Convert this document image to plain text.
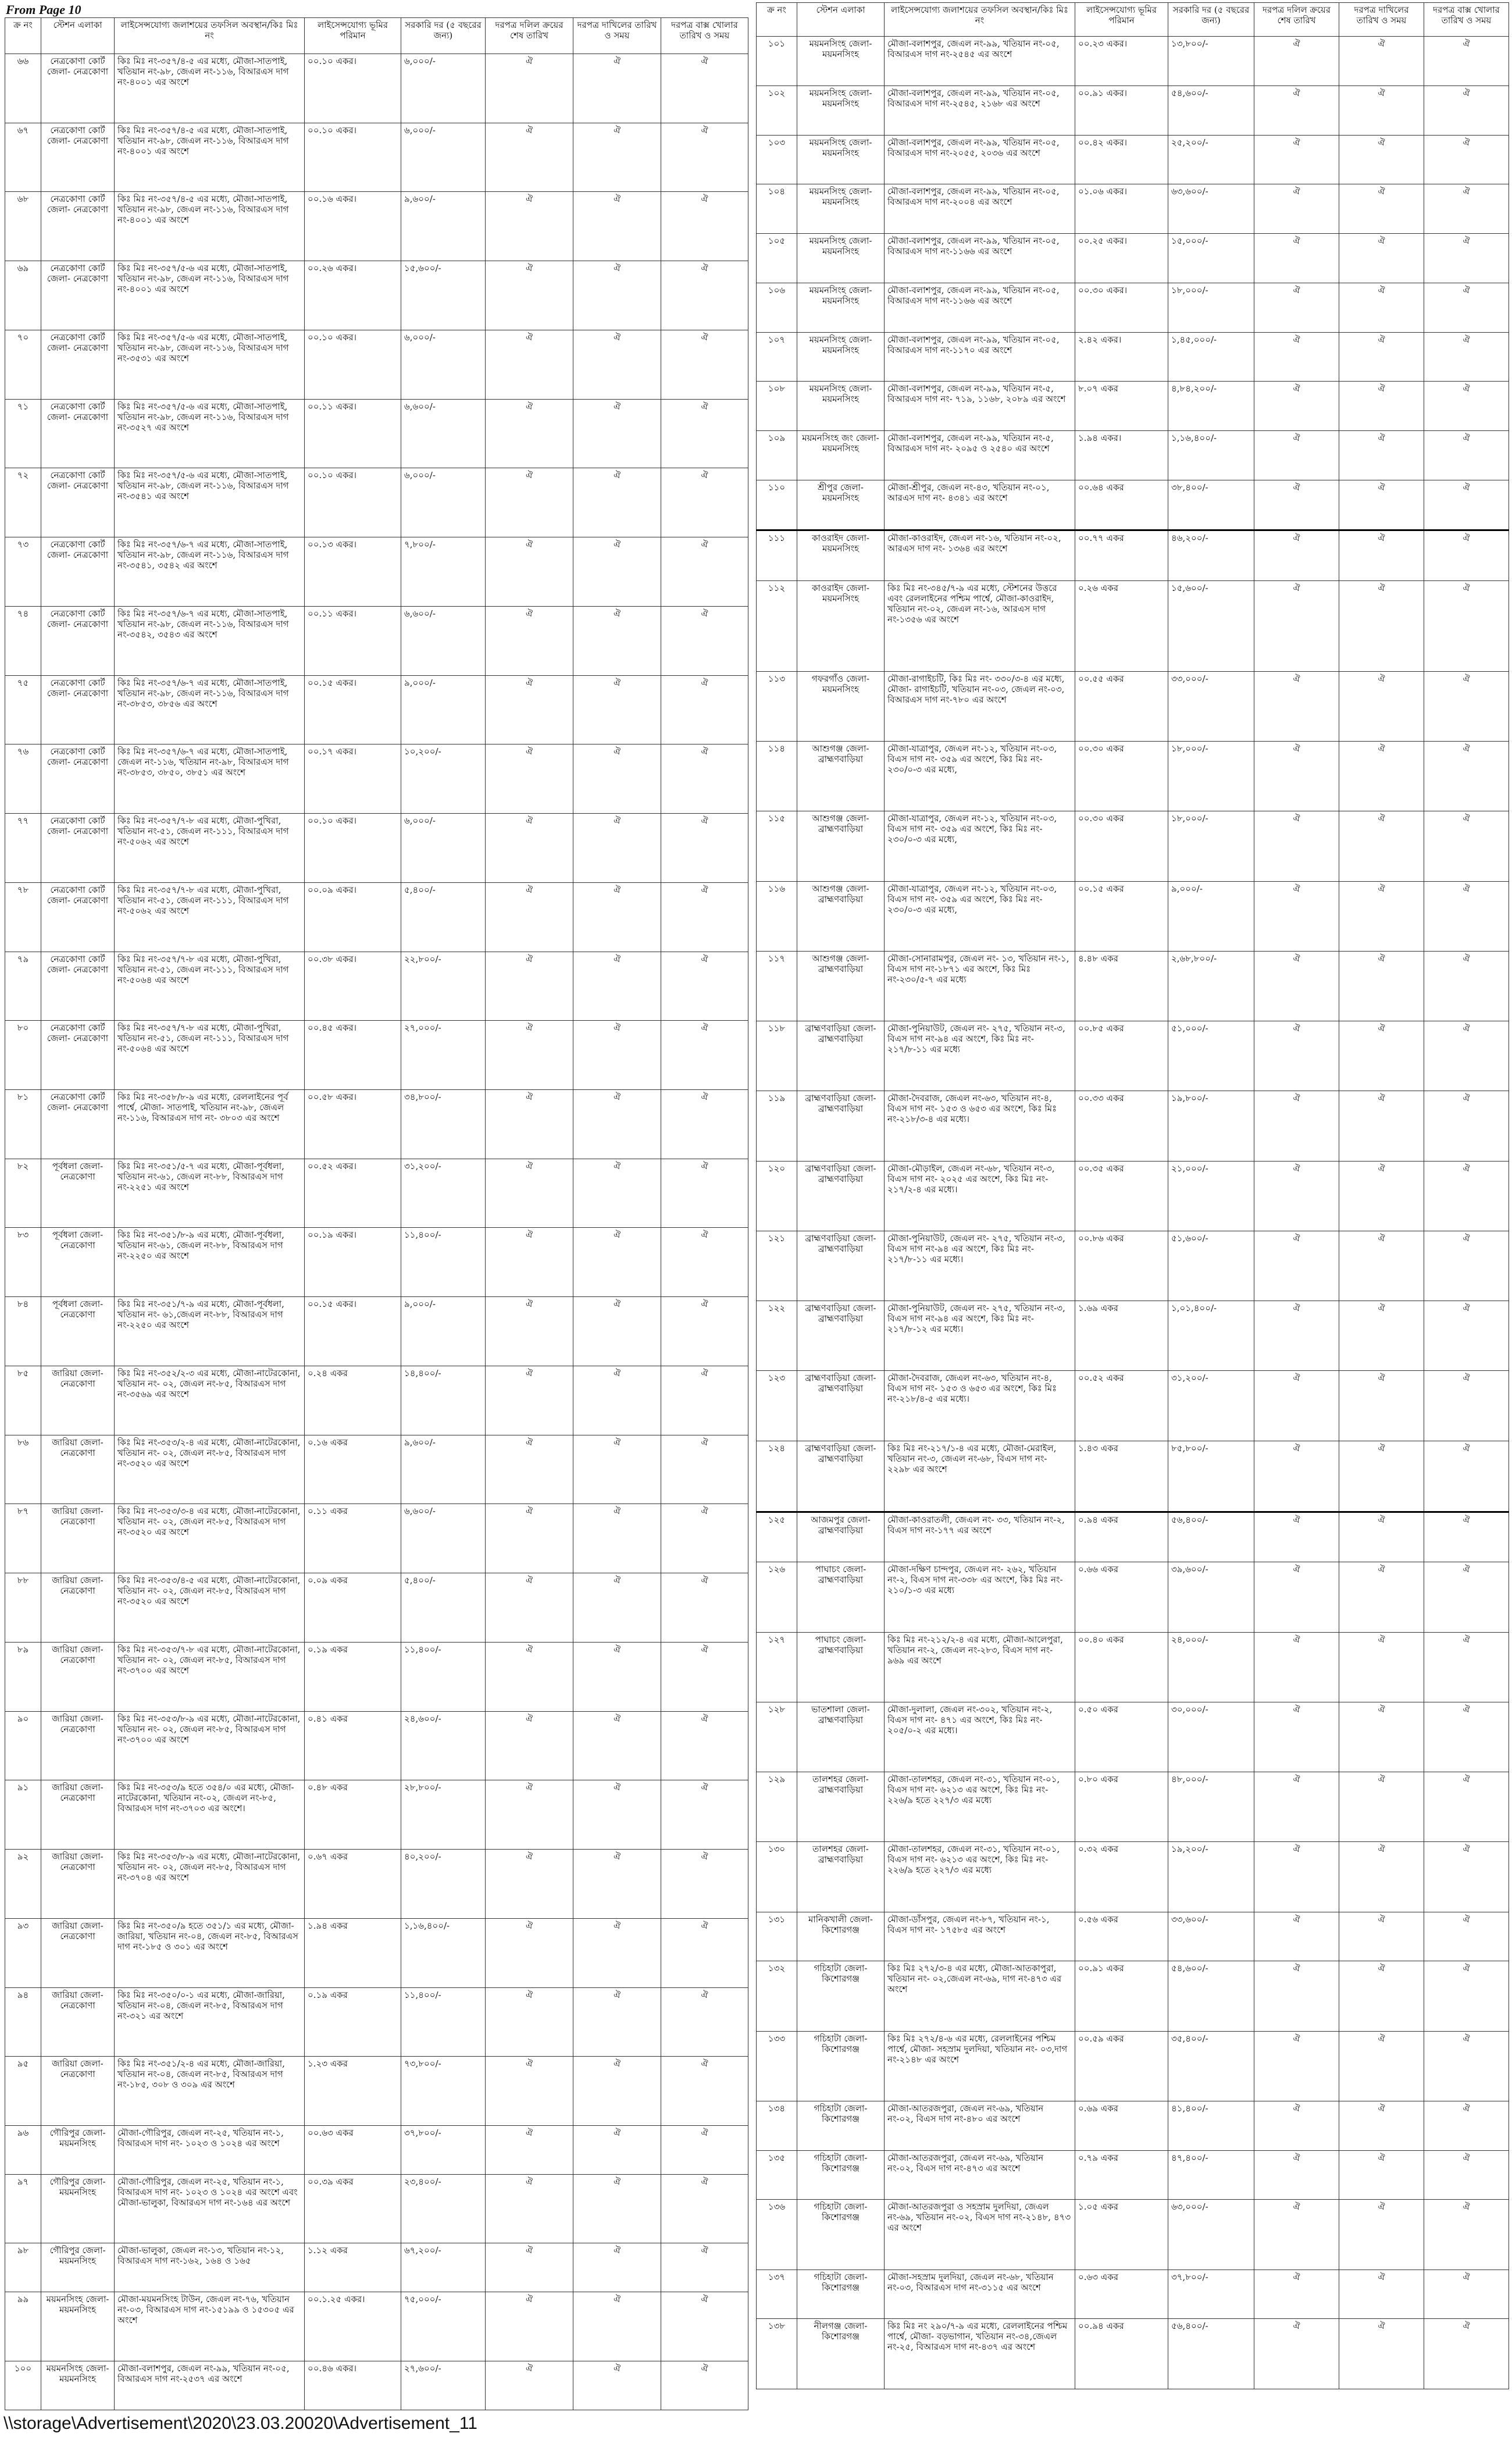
From Page 10
ক্র নং	স্টেশন এলাকা	লাইসেন্সযোগ্য জলাশয়ের তফসিল অবস্থান/কিঃ মিঃ নং	লাইসেন্সযোগ্য ভূমির পরিমান	সরকারি দর (৫ বছরের জন্য)	দরপত্র দলিল ক্রয়ের শেষ তারিখ	দরপত্র দাখিলের তারিখ ও সময়	দরপত্র বাক্স খোলার তারিখ ও সময়
৬৬	নেত্রকোণা কোর্ট জেলা- নেত্রকোণা	কিঃ মিঃ নং-৩৫৭/৪-৫ এর মধ্যে, মৌজা-সাতপাই, খতিয়ান নং-৯৮, জেএল নং-১১৬, বিআরএস দাগ নং-৪০০১ এর অংশে	০০.১০ একর।	৬,০০০/-	ঐ	ঐ	ঐ
৬৭	নেত্রকোণা কোর্ট জেলা- নেত্রকোণা	কিঃ মিঃ নং-৩৫৭/৪-৫ এর মধ্যে, মৌজা-সাতপাই, খতিয়ান নং-৯৮, জেএল নং-১১৬, বিআরএস দাগ নং-৪০০১ এর অংশে	০০.১০ একর।	৬,০০০/-	ঐ	ঐ	ঐ
৬৮	নেত্রকোণা কোর্ট জেলা- নেত্রকোণা	কিঃ মিঃ নং-৩৫৭/৪-৫ এর মধ্যে, মৌজা-সাতপাই, খতিয়ান নং-৯৮, জেএল নং-১১৬, বিআরএস দাগ নং-৪০০১ এর অংশে	০০.১৬ একর।	৯,৬০০/-	ঐ	ঐ	ঐ
৬৯	নেত্রকোণা কোর্ট জেলা- নেত্রকোণা	কিঃ মিঃ নং-৩৫৭/৫-৬ এর মধ্যে, মৌজা-সাতপাই, খতিয়ান নং-৯৮, জেএল নং-১১৬, বিআরএস দাগ নং-৪০০১ এর অংশে	০০.২৬ একর।	১৫,৬০০/-	ঐ	ঐ	ঐ
৭০	নেত্রকোণা কোর্ট জেলা- নেত্রকোণা	কিঃ মিঃ নং-৩৫৭/৫-৬ এর মধ্যে, মৌজা-সাতপাই, খতিয়ান নং-৯৮, জেএল নং-১১৬, বিআরএস দাগ নং-৩৫৩১ এর অংশে	০০.১০ একর।	৬,০০০/-	ঐ	ঐ	ঐ
৭১	নেত্রকোণা কোর্ট জেলা- নেত্রকোণা	কিঃ মিঃ নং-৩৫৭/৫-৬ এর মধ্যে, মৌজা-সাতপাই, খতিয়ান নং-৯৮, জেএল নং-১১৬, বিআরএস দাগ নং-৩৫২৭ এর অংশে	০০.১১ একর।	৬,৬০০/-	ঐ	ঐ	ঐ
৭২	নেত্রকোণা কোর্ট জেলা- নেত্রকোণা	কিঃ মিঃ নং-৩৫৭/৫-৬ এর মধ্যে, মৌজা-সাতপাই, খতিয়ান নং-৯৮, জেএল নং-১১৬, বিআরএস দাগ নং-৩৫৪১ এর অংশে	০০.১০ একর।	৬,০০০/-	ঐ	ঐ	ঐ
৭৩	নেত্রকোণা কোর্ট জেলা- নেত্রকোণা	কিঃ মিঃ নং-৩৫৭/৬-৭ এর মধ্যে, মৌজা-সাতপাই, খতিয়ান নং-৯৮, জেএল নং-১১৬, বিআরএস দাগ নং-৩৫৪১, ৩৫৪২ এর অংশে	০০.১৩ একর।	৭,৮০০/-	ঐ	ঐ	ঐ
৭৪	নেত্রকোণা কোর্ট জেলা- নেত্রকোণা	কিঃ মিঃ নং-৩৫৭/৬-৭ এর মধ্যে, মৌজা-সাতপাই, খতিয়ান নং-৯৮, জেএল নং-১১৬, বিআরএস দাগ নং-৩৫৪২, ৩৫৪৩ এর অংশে	০০.১১ একর।	৬,৬০০/-	ঐ	ঐ	ঐ
৭৫	নেত্রকোণা কোর্ট জেলা- নেত্রকোণা	কিঃ মিঃ নং-৩৫৭/৬-৭ এর মধ্যে, মৌজা-সাতপাই, খতিয়ান নং-৯৮, জেএল নং-১১৬, বিআরএস দাগ নং-৩৮৫৩, ৩৮৫৬ এর অংশে	০০.১৫ একর।	৯,০০০/-	ঐ	ঐ	ঐ
৭৬	নেত্রকোণা কোর্ট জেলা- নেত্রকোণা	কিঃ মিঃ নং-৩৫৭/৬-৭ এর মধ্যে, মৌজা-সাতপাই, জেএল নং-১১৬, খতিয়ান নং-৯৮, বিআরএস দাগ নং-৩৮৫৩, ৩৮৫০, ৩৮৫১ এর অংশে	০০.১৭ একর।	১০,২০০/-	ঐ	ঐ	ঐ
৭৭	নেত্রকোণা কোর্ট জেলা- নেত্রকোণা	কিঃ মিঃ নং-৩৫৭/৭-৮ এর মধ্যে, মৌজা-পুখিরা, খতিয়ান নং-৫১, জেএল নং-১১১, বিআরএস দাগ নং-৫০৬২ এর অংশে	০০.১০ একর।	৬,০০০/-	ঐ	ঐ	ঐ
৭৮	নেত্রকোণা কোর্ট জেলা- নেত্রকোণা	কিঃ মিঃ নং-৩৫৭/৭-৮ এর মধ্যে, মৌজা-পুখিরা, খতিয়ান নং-৫১, জেএল নং-১১১, বিআরএস দাগ নং-৫০৬২ এর অংশে	০০.০৯ একর।	৫,৪০০/-	ঐ	ঐ	ঐ
৭৯	নেত্রকোণা কোর্ট জেলা- নেত্রকোণা	কিঃ মিঃ নং-৩৫৭/৭-৮ এর মধ্যে, মৌজা-পুখিরা, খতিয়ান নং-৫১, জেএল নং-১১১, বিআরএস দাগ নং-৫০৬৪ এর অংশে	০০.৩৮ একর।	২২,৮০০/-	ঐ	ঐ	ঐ
৮০	নেত্রকোণা কোর্ট জেলা- নেত্রকোণা	কিঃ মিঃ নং-৩৫৭/৭-৮ এর মধ্যে, মৌজা-পুখিরা, খতিয়ান নং-৫১, জেএল নং-১১১, বিআরএস দাগ নং-৫০৬৪ এর অংশে	০০.৪৫ একর।	২৭,০০০/-	ঐ	ঐ	ঐ
৮১	নেত্রকোণা কোর্ট জেলা- নেত্রকোণা	কিঃ মিঃ নং-৩৫৮/৮-৯ এর মধ্যে, রেললাইনের পূর্ব পার্শ্বে, মৌজা- সাতপাই, খতিয়ান নং-৯৮, জেএল নং-১১৬, বিআরএস দাগ নং- ৩৮০৩ এর অংশে	০০.৫৮ একর।	৩৪,৮০০/-	ঐ	ঐ	ঐ
৮২	পূর্বধলা জেলা- নেত্রকোণা	কিঃ মিঃ নং-৩৫১/৫-৭ এর মধ্যে, মৌজা-পূর্বধলা, খতিয়ান নং-৬১, জেএল নং-৮৮, বিআরএস দাগ নং-২২৫১ এর অংশে	০০.৫২ একর।	৩১,২০০/-	ঐ	ঐ	ঐ
৮৩	পূর্বধলা জেলা- নেত্রকোণা	কিঃ মিঃ নং-৩৫১/৮-৯ এর মধ্যে, মৌজা-পূর্বধলা, খতিয়ান নং-৬১, জেএল নং-৮৮, বিআরএস দাগ নং-২২৫০ এর অংশে	০০.১৯ একর।	১১,৪০০/-	ঐ	ঐ	ঐ
৮৪	পূর্বধলা জেলা- নেত্রকোণা	কিঃ মিঃ নং-৩৫১/৭-৯ এর মধ্যে, মৌজা-পূর্বধলা, খতিয়ান নং- ৬১,জেএল নং-৮৮, বিআরএস দাগ নং-২২৫০ এর অংশে	০০.১৫ একর।	৯,০০০/-	ঐ	ঐ	ঐ
৮৫	জারিয়া জেলা- নেত্রকোণা	কিঃ মিঃ নং-৩৫২/২-৩ এর মধ্যে, মৌজা-নাটেরকোনা, খতিয়ান নং- ০২, জেএল নং-৮৫, বিআরএস দাগ নং-৩৫৬৯ এর অংশে	০.২৪ একর	১৪,৪০০/-	ঐ	ঐ	ঐ
৮৬	জারিয়া জেলা- নেত্রকোণা	কিঃ মিঃ নং-৩৫৩/২-৪ এর মধ্যে, মৌজা-নাটেরকোনা, খতিয়ান নং- ০২, জেএল নং-৮৫, বিআরএস দাগ নং-৩৫২০ এর অংশে	০.১৬ একর	৯,৬০০/-	ঐ	ঐ	ঐ
৮৭	জারিয়া জেলা- নেত্রকোণা	কিঃ মিঃ নং-৩৫৩/৩-৪ এর মধ্যে, মৌজা-নাটেরকোনা, খতিয়ান নং- ০২, জেএল নং-৮৫, বিআরএস দাগ নং-৩৫২০ এর অংশে	০.১১ একর	৬,৬০০/-	ঐ	ঐ	ঐ
৮৮	জারিয়া জেলা- নেত্রকোণা	কিঃ মিঃ নং-৩৫৩/৪-৫ এর মধ্যে, মৌজা-নাটেরকোনা, খতিয়ান নং- ০২, জেএল নং-৮৫, বিআরএস দাগ নং-৩৫২০ এর অংশে	০.০৯ একর	৫,৪০০/-	ঐ	ঐ	ঐ
৮৯	জারিয়া জেলা- নেত্রকোণা	কিঃ মিঃ নং-৩৫৩/৭-৮ এর মধ্যে, মৌজা-নাটেরকোনা, খতিয়ান নং- ০২, জেএল নং-৮৫, বিআরএস দাগ নং-৩৭০০ এর অংশে	০.১৯ একর	১১,৪০০/-	ঐ	ঐ	ঐ
৯০	জারিয়া জেলা- নেত্রকোণা	কিঃ মিঃ নং-৩৫৩/৮-৯ এর মধ্যে, মৌজা-নাটেরকোনা, খতিয়ান নং- ০২, জেএল নং-৮৫, বিআরএস দাগ নং-৩৭০০ এর অংশে	০.৪১ একর	২৪,৬০০/-	ঐ	ঐ	ঐ
৯১	জারিয়া জেলা- নেত্রকোণা	কিঃ মিঃ নং-৩৫৩/৯ হতে ৩৫৪/০ এর মধ্যে, মৌজা-নাটেরকোনা, খতিয়ান নং-০২, জেএল নং-৮৫, বিআরএস দাগ নং-৩৭০৩ এর অংশে।	০.৪৮ একর	২৮,৮০০/-	ঐ	ঐ	ঐ
৯২	জারিয়া জেলা- নেত্রকোণা	কিঃ মিঃ নং-৩৫৩/৮-৯ এর মধ্যে, মৌজা-নাটেরকোনা, খতিয়ান নং- ০২, জেএল নং-৮৫, বিআরএস দাগ নং-৩৭০৪ এর অংশে	০.৬৭ একর	৪০,২০০/-	ঐ	ঐ	ঐ
৯৩	জারিয়া জেলা- নেত্রকোণা	কিঃ মিঃ নং-৩৫০/৯ হতে ৩৫১/১ এর মধ্যে, মৌজা-জারিয়া, খতিয়ান নং-০৪, জেএল নং-৮৫, বিআরএস দাগ নং-১৮৫ ও ৩০১ এর অংশে	১.৯৪ একর	১,১৬,৪০০/-	ঐ	ঐ	ঐ
৯৪	জারিয়া জেলা- নেত্রকোণা	কিঃ মিঃ নং-৩৫০/০-১ এর মধ্যে, মৌজা-জারিয়া, খতিয়ান নং-০৪, জেএল নং-৮৫, বিআরএস দাগ নং-৩২১ এর অংশে	০.১৯ একর	১১,৪০০/-	ঐ	ঐ	ঐ
৯৫	জারিয়া জেলা- নেত্রকোণা	কিঃ মিঃ নং-৩৫১/২-৪ এর মধ্যে, মৌজা-জারিয়া, খতিয়ান নং-০৪, জেএল নং-৮৫, বিআরএস দাগ নং-১৮৫, ৩০৮ ও ৩০৯ এর অংশে	১.২৩ একর	৭৩,৮০০/-	ঐ	ঐ	ঐ
৯৬	গৌরিপুর জেলা- ময়মনসিংহ	মৌজা-গৌরিপুর, জেএল নং-২৫, খতিয়ান নং-১, বিআরএস দাগ নং- ১০২৩ ও ১০২৪ এর অংশে	০০.৬৩ একর	৩৭,৮০০/-	ঐ	ঐ	ঐ
৯৭	গৌরিপুর জেলা- ময়মনসিংহ	মৌজা-গৌরিপুর, জেএল নং-২৫, খতিয়ান নং-১, বিআরএস দাগ নং- ১০২৩ ও ১০২৪ এর অংশে এবং মৌজা-ভালুকা, বিআরএস দাগ নং-১৬৪ এর অংশে	০০.৩৯ একর	২৩,৪০০/-	ঐ	ঐ	ঐ
৯৮	গৌরিপুর জেলা- ময়মনসিংহ	মৌজা-ভালুকা, জেএল নং-১৩, খতিয়ান নং-১২, বিআরএস দাগ নং-১৬২, ১৬৪ ও ১৬৫	১.১২ একর	৬৭,২০০/-	ঐ	ঐ	ঐ
৯৯	ময়মনসিংহ জেলা- ময়মনসিংহ	মৌজা-ময়মনসিংহ টাউন, জেএল নং-৭৬, খতিয়ান নং-০৩, বিআরএস দাগ নং-১৫১৯৯ ও ১৫৩০৫ এর অংশে	০০.১.২৫ একর।	৭৫,০০০/-	ঐ	ঐ	ঐ
১০০	ময়মনসিংহ জেলা- ময়মনসিংহ	মৌজা-বলাশপুর, জেএল নং-৯৯, খতিয়ান নং-০৫, বিআরএস দাগ নং-২৫৩৭ এর অংশে	০০.৪৬ একর।	২৭,৬০০/-	ঐ	ঐ	ঐ
ক্র নং	স্টেশন এলাকা	লাইসেন্সযোগ্য জলাশয়ের তফসিল অবস্থান/কিঃ মিঃ নং	লাইসেন্সযোগ্য ভূমির পরিমান	সরকারি দর (৫ বছরের জন্য)	দরপত্র দলিল ক্রয়ের শেষ তারিখ	দরপত্র দাখিলের তারিখ ও সময়	দরপত্র বাক্স খোলার তারিখ ও সময়
১০১	ময়মনসিংহ জেলা- ময়মনসিংহ	মৌজা-বলাশপুর, জেএল নং-৯৯, খতিয়ান নং-০৫, বিআরএস দাগ নং-২৫৪৫ এর অংশে	০০.২৩ একর।	১৩,৮০০/-	ঐ	ঐ	ঐ
১০২	ময়মনসিংহ জেলা- ময়মনসিংহ	মৌজা-বলাশপুর, জেএল নং-৯৯, খতিয়ান নং-০৫, বিআরএস দাগ নং-২৫৪৫, ২১৬৮ এর অংশে	০০.৯১ একর।	৫৪,৬০০/-	ঐ	ঐ	ঐ
১০৩	ময়মনসিংহ জেলা- ময়মনসিংহ	মৌজা-বলাশপুর, জেএল নং-৯৯, খতিয়ান নং-০৫, বিআরএস দাগ নং-২০৫৫, ২০৩৬ এর অংশে	০০.৪২ একর।	২৫,২০০/-	ঐ	ঐ	ঐ
১০৪	ময়মনসিংহ জেলা- ময়মনসিংহ	মৌজা-বলাশপুর, জেএল নং-৯৯, খতিয়ান নং-০৫, বিআরএস দাগ নং-২০০৪ এর অংশে	০১.০৬ একর।	৬৩,৬০০/-	ঐ	ঐ	ঐ
১০৫	ময়মনসিংহ জেলা- ময়মনসিংহ	মৌজা-বলাশপুর, জেএল নং-৯৯, খতিয়ান নং-০৫, বিআরএস দাগ নং-১১৬৬ এর অংশে	০০.২৫ একর।	১৫,০০০/-	ঐ	ঐ	ঐ
১০৬	ময়মনসিংহ জেলা- ময়মনসিংহ	মৌজা-বলাশপুর, জেএল নং-৯৯, খতিয়ান নং-০৫, বিআরএস দাগ নং-১১৬৬ এর অংশে	০০.৩০ একর।	১৮,০০০/-	ঐ	ঐ	ঐ
১০৭	ময়মনসিংহ জেলা- ময়মনসিংহ	মৌজা-বলাশপুর, জেএল নং-৯৯, খতিয়ান নং-০৫, বিআরএস দাগ নং-১১৭০ এর অংশে	২.৪২ একর।	১,৪৫,০০০/-	ঐ	ঐ	ঐ
১০৮	ময়মনসিংহ জেলা- ময়মনসিংহ	মৌজা-বলাশপুর, জেএল নং-৯৯, খতিয়ান নং-৫, বিআরএস দাগ নং- ৭১৯, ১১৬৮, ২০৮৯ এর অংশে	৮.০৭ একর	৪,৮৪,২০০/-	ঐ	ঐ	ঐ
১০৯	ময়মনসিংহ জং জেলা- ময়মনসিংহ	মৌজা-বলাশপুর, জেএল নং-৯৯, খতিয়ান নং-৫, বিআরএস দাগ নং- ২০৯৫ ও ২৫৪০ এর অংশে	১.৯৪ একর।	১,১৬,৪০০/-	ঐ	ঐ	ঐ
১১০	শ্রীপুর জেলা- ময়মনসিংহ	মৌজা-শ্রীপুর, জেএল নং-৪৩, খতিয়ান নং-০১, আরএস দাগ নং- ৪৩৪১ এর অংশে	০০.৬৪ একর	৩৮,৪০০/-	ঐ	ঐ	ঐ
১১১	কাওরাইদ জেলা- ময়মনসিংহ	মৌজা-কাওরাইদ, জেএল নং-১৬, খতিয়ান নং-০২, আরএস দাগ নং- ১৩৬৪ এর অংশে	০০.৭৭ একর	৪৬,২০০/-	ঐ	ঐ	ঐ
১১২	কাওরাইদ জেলা- ময়মনসিংহ	কিঃ মিঃ নং-৩৪৫/৭-৯ এর মধ্যে, স্টেশনের উত্তরে এবং রেললাইনের পশ্চিম পার্শ্বে, মৌজা-কাওরাইদ, খতিয়ান নং-০২, জেএল নং-১৬, আরএস দাগ নং-১৩৫৬ এর অংশে	০.২৬ একর	১৫,৬০০/-	ঐ	ঐ	ঐ
১১৩	গফরগাঁও জেলা- ময়মনসিংহ	মৌজা-রাগাইচটি, কিঃ মিঃ নং- ৩৩০/৩-৪ এর মধ্যে, মৌজা- রাগাইচটি, খতিয়ান নং-০৩, জেএল নং-০৩, বিআরএস দাগ নং-৭৮০ এর অংশে	০০.৫৫ একর	৩৩,০০০/-	ঐ	ঐ	ঐ
১১৪	আশুগঞ্জ জেলা- ব্রাহ্মণবাড়িয়া	মৌজা-যাত্রাপুর, জেএল নং-১২, খতিয়ান নং-০৩, বিএস দাগ নং- ৩৫৯ এর অংশে, কিঃ মিঃ নং- ২৩০/০-৩ এর মধ্যে,	০০.৩০ একর	১৮,০০০/-	ঐ	ঐ	ঐ
১১৫	আশুগঞ্জ জেলা- ব্রাহ্মণবাড়িয়া	মৌজা-যাত্রাপুর, জেএল নং-১২, খতিয়ান নং-০৩, বিএস দাগ নং- ৩৫৯ এর অংশে, কিঃ মিঃ নং- ২৩০/০-৩ এর মধ্যে,	০০.৩০ একর	১৮,০০০/-	ঐ	ঐ	ঐ
১১৬	আশুগঞ্জ জেলা- ব্রাহ্মণবাড়িয়া	মৌজা-যাত্রাপুর, জেএল নং-১২, খতিয়ান নং-০৩, বিএস দাগ নং- ৩৫৯ এর অংশে, কিঃ মিঃ নং- ২৩০/০-৩ এর মধ্যে,	০০.১৫ একর	৯,০০০/-	ঐ	ঐ	ঐ
১১৭	আশুগঞ্জ জেলা- ব্রাহ্মণবাড়িয়া	মৌজা-সোনারামপুর, জেএল নং- ১৩, খতিয়ান নং-১, বিএস দাগ নং-১৮৭১ এর অংশে, কিঃ মিঃ নং-২৩০/৫-৭ এর মধ্যে	৪.৪৮ একর	২,৬৮,৮০০/-	ঐ	ঐ	ঐ
১১৮	ব্রাহ্মণবাড়িয়া জেলা- ব্রাহ্মণবাড়িয়া	মৌজা-পুনিয়াউট, জেএল নং- ২৭৫, খতিয়ান নং-৩, বিএস দাগ নং-৯৪ এর অংশে, কিঃ মিঃ নং- ২১৭/৮-১১ এর মধ্যে	০০.৮৫ একর	৫১,০০০/-	ঐ	ঐ	ঐ
১১৯	ব্রাহ্মণবাড়িয়া জেলা- ব্রাহ্মণবাড়িয়া	মৌজা-দৈবরাজ, জেএল নং-৬৩, খতিয়ান নং-৪, বিএস দাগ নং- ১৫৩ ও ৬৫৩ এর অংশে, কিঃ মিঃ নং-২১৮/৩-৪ এর মধ্যে।	০০.৩৩ একর	১৯,৮০০/-	ঐ	ঐ	ঐ
১২০	ব্রাহ্মণবাড়িয়া জেলা- ব্রাহ্মণবাড়িয়া	মৌজা-মৌড়াইল, জেএল নং-৬৮, খতিয়ান নং-৩, বিএস দাগ নং- ২০২৫ এর অংশে, কিঃ মিঃ নং- ২১৭/২-৪ এর মধ্যে।	০০.৩৫ একর	২১,০০০/-	ঐ	ঐ	ঐ
১২১	ব্রাহ্মণবাড়িয়া জেলা- ব্রাহ্মণবাড়িয়া	মৌজা-পুনিয়াউট, জেএল নং- ২৭৫, খতিয়ান নং-৩, বিএস দাগ নং-৯৪ এর অংশে, কিঃ মিঃ নং- ২১৭/৮-১১ এর মধ্যে।	০০.৮৬ একর	৫১,৬০০/-	ঐ	ঐ	ঐ
১২২	ব্রাহ্মণবাড়িয়া জেলা- ব্রাহ্মণবাড়িয়া	মৌজা-পুনিয়াউট, জেএল নং- ২৭৫, খতিয়ান নং-৩, বিএস দাগ নং-৯৪ এর অংশে, কিঃ মিঃ নং- ২১৭/৮-১২ এর মধ্যে।	১.৬৯ একর	১,০১,৪০০/-	ঐ	ঐ	ঐ
১২৩	ব্রাহ্মণবাড়িয়া জেলা- ব্রাহ্মণবাড়িয়া	মৌজা-দৈবরাজ, জেএল নং-৬৩, খতিয়ান নং-৪, বিএস দাগ নং- ১৫৩ ও ৬৫৩ এর অংশে, কিঃ মিঃ নং-২১৮/৪-৫ এর মধ্যে।	০০.৫২ একর	৩১,২০০/-	ঐ	ঐ	ঐ
১২৪	ব্রাহ্মণবাড়িয়া জেলা- ব্রাহ্মণবাড়িয়া	কিঃ মিঃ নং-২১৭/১-৪ এর মধ্যে, মৌজা-মেরাইল, খতিয়ান নং-৩, জেএল নং-৬৮, বিএস দাগ নং- ২২৯৮ এর অংশে	১.৪৩ একর	৮৫,৮০০/-	ঐ	ঐ	ঐ
১২৫	আজমপুর জেলা- ব্রাহ্মণবাড়িয়া	মৌজা-কাওরাতলী, জেএল নং- ৩৩, খতিয়ান নং-২, বিএস দাগ নং-১৭৭ এর অংশে	০.৯৪ একর	৫৬,৪০০/-	ঐ	ঐ	ঐ
১২৬	পাঘাচং জেলা- ব্রাহ্মণবাড়িয়া	মৌজা-দক্ষিণ চান্দপুর, জেএল নং- ২৬২, খতিয়ান নং-২, বিএস দাগ নং-৩৩৮ এর অংশে, কিঃ মিঃ নং- ২১০/১-৩ এর মধ্যে	০.৬৬ একর	৩৯,৬০০/-	ঐ	ঐ	ঐ
১২৭	পাঘাচং জেলা- ব্রাহ্মণবাড়িয়া	কিঃ মিঃ নং-২১২/২-৪ এর মধ্যে, মৌজা-আলেপুরা, খতিয়ান নং-২, জেএল নং-২৮৩, বিএস দাগ নং- ৯৬৯ এর অংশে	০০.৪০ একর	২৪,০০০/-	ঐ	ঐ	ঐ
১২৮	ভাতশালা জেলা- ব্রাহ্মণবাড়িয়া	মৌজা-দুলালা, জেএল নং-৩০২, খতিয়ান নং-২, বিএস দাগ নং- ৪৭১ এর অংশে, কিঃ মিঃ নং- ২০৫/০-২ এর মধ্যে।	০.৫০ একর	৩০,০০০/-	ঐ	ঐ	ঐ
১২৯	তালশহর জেলা- ব্রাহ্মণবাড়িয়া	মৌজা-তালশহর, জেএল নং-৩১, খতিয়ান নং-০১, বিএস দাগ নং- ৬২১৩ এর অংশে, কিঃ মিঃ নং- ২২৬/৯ হতে ২২৭/৩ এর মধ্যে	০.৮০ একর	৪৮,০০০/-	ঐ	ঐ	ঐ
১৩০	তালশহর জেলা- ব্রাহ্মণবাড়িয়া	মৌজা-তালশহর, জেএল নং-৩১, খতিয়ান নং-০১, বিএস দাগ নং- ৬২১৩ এর অংশে, কিঃ মিঃ নং- ২২৬/৯ হতে ২২৭/৩ এর মধ্যে	০.৩২ একর	১৯,২০০/-	ঐ	ঐ	ঐ
১৩১	মানিকখালী জেলা- কিশোরগঞ্জ	মৌজা-ডাঁসপুর, জেএল নং-৮৭, খতিয়ান নং-১, বিএস দাগ নং- ১৭৫৮৫ এর অংশে	০.৫৬ একর	৩৩,৬০০/-	ঐ	ঐ	ঐ
১৩২	গচিহাটা জেলা- কিশোরগঞ্জ	কিঃ মিঃ ২৭২/৩-৪ এর মধ্যে, মৌজা-আতকাপুরা, খতিয়ান নং- ০২,জেএল নং-৬৯, দাগ নং-৪৭৩ এর অংশে	০০.৯১ একর	৫৪,৬০০/-	ঐ	ঐ	ঐ
১৩৩	গচিহাটা জেলা- কিশোরগঞ্জ	কিঃ মিঃ ২৭২/৪-৬ এর মধ্যে, রেললাইনের পশ্চিম পার্শ্বে, মৌজা- সহস্রাম দুলদিয়া, খতিয়ান নং- ০৩,দাগ নং-২১৪৮ এর অংশে	০০.৫৯ একর	৩৫,৪০০/-	ঐ	ঐ	ঐ
১৩৪	গচিহাটা জেলা- কিশোরগঞ্জ	মৌজা-আতরজপুরা, জেএল নং-৬৯, খতিয়ান নং-০২, বিএস দাগ নং-৪৮০ এর অংশে	০.৬৯ একর	৪১,৪০০/-	ঐ	ঐ	ঐ
১৩৫	গচিহাটা জেলা- কিশোরগঞ্জ	মৌজা-আতরজপুরা, জেএল নং-৬৯, খতিয়ান নং-০২, বিএস দাগ নং-৪৭৩ এর অংশে	০.৭৯ একর	৪৭,৪০০/-	ঐ	ঐ	ঐ
১৩৬	গচিহাটা জেলা- কিশোরগঞ্জ	মৌজা-আতরজপুরা ও সহস্রাম দুলদিয়া, জেএল নং-৬৯, খতিয়ান নং-০২, বিএস দাগ নং-২১৪৮, ৪৭৩ এর অংশে	১.০৫ একর	৬৩,০০০/-	ঐ	ঐ	ঐ
১৩৭	গচিহাটা জেলা- কিশোরগঞ্জ	মৌজা-সহস্রাম দুলদিয়া, জেএল নং-৬৮, খতিয়ান নং-০৩, বিআরএস দাগ নং-৩১১৫ এর অংশে	০.৬৩ একর	৩৭,৮০০/-	ঐ	ঐ	ঐ
১৩৮	নীলগঞ্জ জেলা- কিশোরগঞ্জ	কিঃ মিঃ নং ২৯০/৭-৯ এর মধ্যে, রেললাইনের পশ্চিম পার্শ্বে, মৌজা- বড়ভাগান, খতিয়ান নং-৩৪,জেএল নং-২৫, বিআরএস দাগ নং-৪৩৭ এর অংশে	০০.৯৪ একর	৫৬,৪০০/-	ঐ	ঐ	ঐ
\\storage\Advertisement\2020\23.03.20020\Advertisement_11
